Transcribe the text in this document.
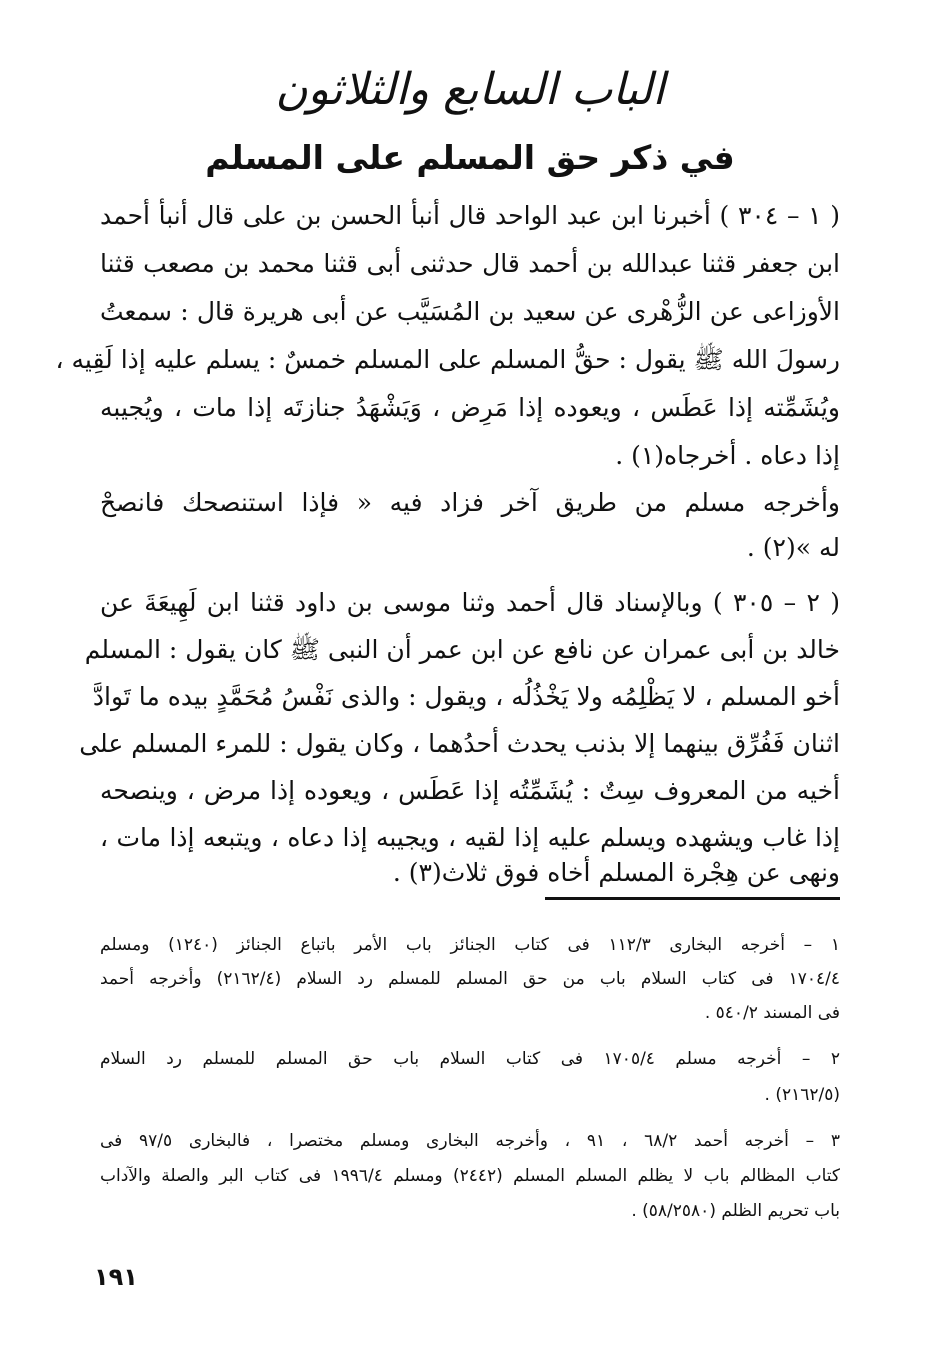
الباب السابع والثلاثون
في ذكر حق المسلم على المسلم
( ١ – ٣٠٤ ) أخبرنا ابن عبد الواحد قال أنبأ الحسن بن على قال أنبأ أحمد
ابن جعفر قثنا عبدالله بن أحمد قال حدثنى أبى قثنا محمد بن مصعب قثنا
الأوزاعى عن الزُّهْرى عن سعيد بن المُسَيَّب عن أبى هريرة قال : سمعتُ
رسولَ الله ﷺ يقول : حقُّ المسلم على المسلم خمسٌ : يسلم عليه إذا لَقِيه ،
ويُشَمِّته إذا عَطَس ، ويعوده إذا مَرِض ، وَيَشْهَدُ جنازتَه إذا مات ، ويُجيبه
إذا دعاه . أخرجاه(١) .
وأخرجه مسلم من طريق آخر فزاد فيه « فإذا استنصحك فانصحْ
له »(٢) .
( ٢ – ٣٠٥ ) وبالإسناد قال أحمد وثنا موسى بن داود قثنا ابن لَهِيعَةَ عن
خالد بن أبى عمران عن نافع عن ابن عمر أن النبى ﷺ كان يقول : المسلم
أخو المسلم ، لا يَظْلِمُه ولا يَخْذُلُه ، ويقول : والذى نَفْسُ مُحَمَّدٍ بيده ما تَوادَّ
اثنان فَفُرِّق بينهما إلا بذنب يحدث أحدُهما ، وكان يقول : للمرء المسلم على
أخيه من المعروف سِتٌ : يُشَمِّتُه إذا عَطَس ، ويعوده إذا مرض ، وينصحه
إذا غاب ويشهده ويسلم عليه إذا لقيه ، ويجيبه إذا دعاه ، ويتبعه إذا مات ،
ونهى عن هِجْرة المسلم أخاه فوق ثلاث(٣) .
١ – أخرجه البخارى ١١٢/٣ فى كتاب الجنائز باب الأمر باتباع الجنائز (١٢٤٠) ومسلم
١٧٠٤/٤ فى كتاب السلام باب من حق المسلم للمسلم رد السلام (٢١٦٢/٤) وأخرجه أحمد
فى المسند ٥٤٠/٢ .
٢ – أخرجه مسلم ١٧٠٥/٤ فى كتاب السلام باب حق المسلم للمسلم رد السلام
(٢١٦٢/٥) .
٣ – أخرجه أحمد ٦٨/٢ ، ٩١ ، وأخرجه البخارى ومسلم مختصرا ، فالبخارى ٩٧/٥ فى
كتاب المظالم باب لا يظلم المسلم المسلم (٢٤٤٢) ومسلم ١٩٩٦/٤ فى كتاب البر والصلة والآداب
باب تحريم الظلم (٥٨/٢٥٨٠) .
١٩١
